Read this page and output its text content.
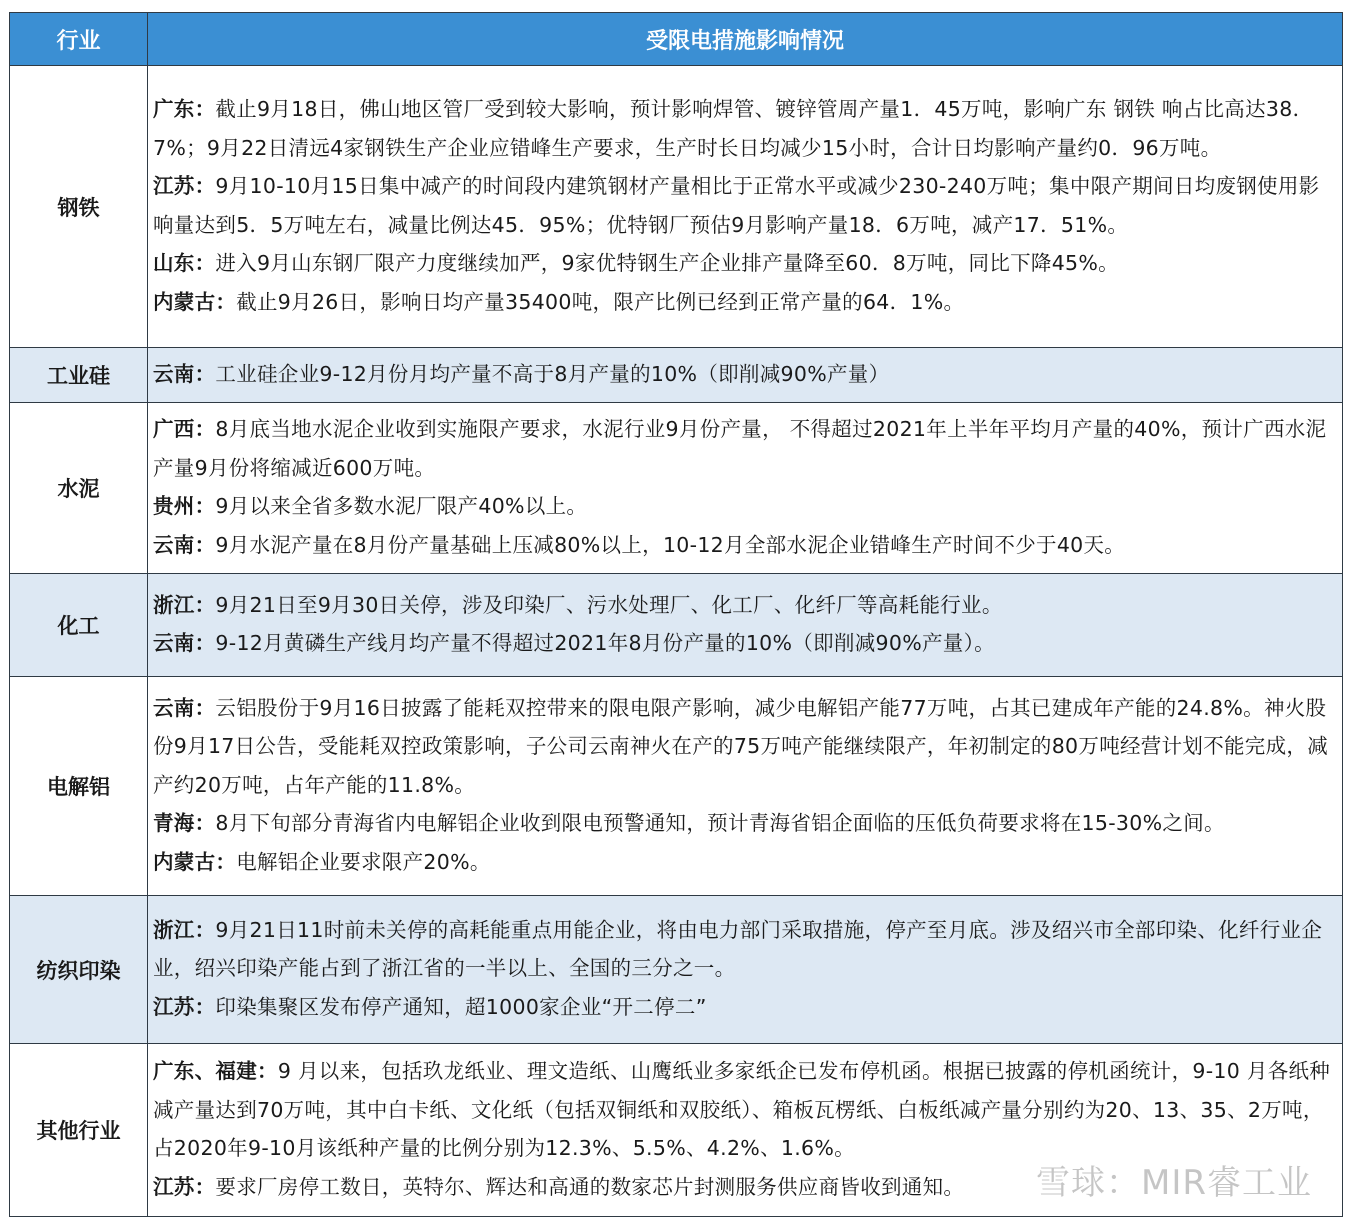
行业	受限电措施影响情况
钢铁	广东：截止9月18日，佛山地区管厂受到较大影响，预计影响焊管、镀锌管周产量1．45万吨，影响广东 钢铁 响占比高达38．7%；9月22日清远4家钢铁生产企业应错峰生产要求，生产时长日均减少15小时，合计日均影响产量约0．96万吨。

江苏：9月10-10月15日集中减产的时间段内建筑钢材产量相比于正常水平或减少230-240万吨；集中限产期间日均废钢使用影响量达到5．5万吨左右，减量比例达45．95%；优特钢厂预估9月影响产量18．6万吨，减产17．51%。

山东：进入9月山东钢厂限产力度继续加严，9家优特钢生产企业排产量降至60．8万吨，同比下降45%。

内蒙古：截止9月26日，影响日均产量35400吨，限产比例已经到正常产量的64．1%。

工业硅	云南：工业硅企业9-12月份月均产量不高于8月产量的10%（即削减90%产量）

水泥	广西：8月底当地水泥企业收到实施限产要求，水泥行业9月份产量， 不得超过2021年上半年平均月产量的40%，预计广西水泥产量9月份将缩减近600万吨。

贵州：9月以来全省多数水泥厂限产40%以上。

云南：9月水泥产量在8月份产量基础上压减80%以上，10-12月全部水泥企业错峰生产时间不少于40天。

化工	浙江：9月21日至9月30日关停，涉及印染厂、污水处理厂、化工厂、化纤厂等高耗能行业。

云南：9-12月黄磷生产线月均产量不得超过2021年8月份产量的10%（即削减90%产量）。

电解铝	云南：云铝股份于9月16日披露了能耗双控带来的限电限产影响，减少电解铝产能77万吨，占其已建成年产能的24.8%。神火股份9月17日公告，受能耗双控政策影响，子公司云南神火在产的75万吨产能继续限产，年初制定的80万吨经营计划不能完成，减产约20万吨，占年产能的11.8%。

青海：8月下旬部分青海省内电解铝企业收到限电预警通知，预计青海省铝企面临的压低负荷要求将在15-30%之间。

内蒙古：电解铝企业要求限产20%。

纺织印染	浙江：9月21日11时前未关停的高耗能重点用能企业，将由电力部门采取措施，停产至月底。涉及绍兴市全部印染、化纤行业企业，绍兴印染产能占到了浙江省的一半以上、全国的三分之一。

江苏：印染集聚区发布停产通知，超1000家企业“开二停二”

其他行业	广东、福建：9 月以来，包括玖龙纸业、理文造纸、山鹰纸业多家纸企已发布停机函。根据已披露的停机函统计，9-10 月各纸种减产量达到70万吨，其中白卡纸、文化纸（包括双铜纸和双胶纸）、箱板瓦楞纸、白板纸减产量分别约为20、13、35、2万吨，占2020年9-10月该纸种产量的比例分别为12.3%、5.5%、4.2%、1.6%。

江苏：要求厂房停工数日，英特尔、辉达和高通的数家芯片封测服务供应商皆收到通知。	雪球：MIR睿工业
